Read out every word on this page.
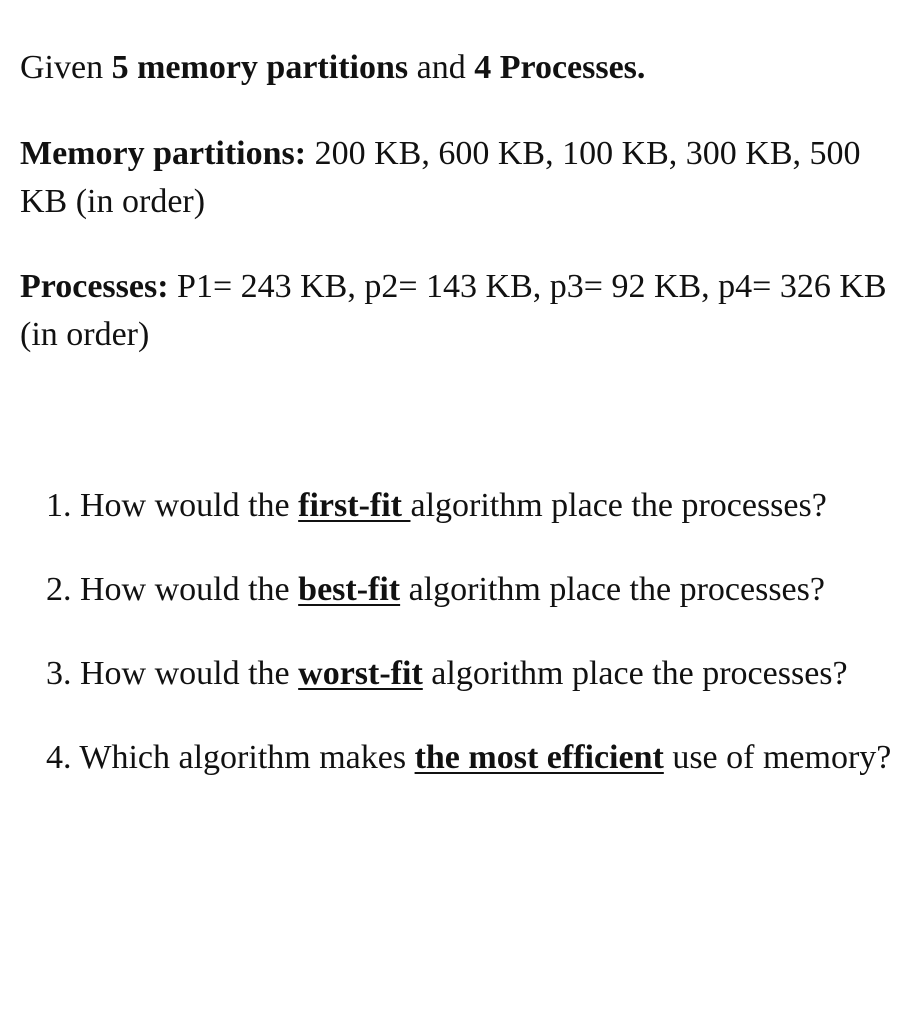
Given 5 memory partitions and 4 Processes.

Memory partitions: 200 KB, 600 KB, 100 KB, 300 KB, 500 KB (in order)

Processes: P1= 243 KB, p2= 143 KB, p3= 92 KB, p4= 326 KB (in order)

1. How would the first-fit algorithm place the processes?

2. How would the best-fit algorithm place the processes?

3. How would the worst-fit algorithm place the processes?

4. Which algorithm makes the most efficient use of memory?
